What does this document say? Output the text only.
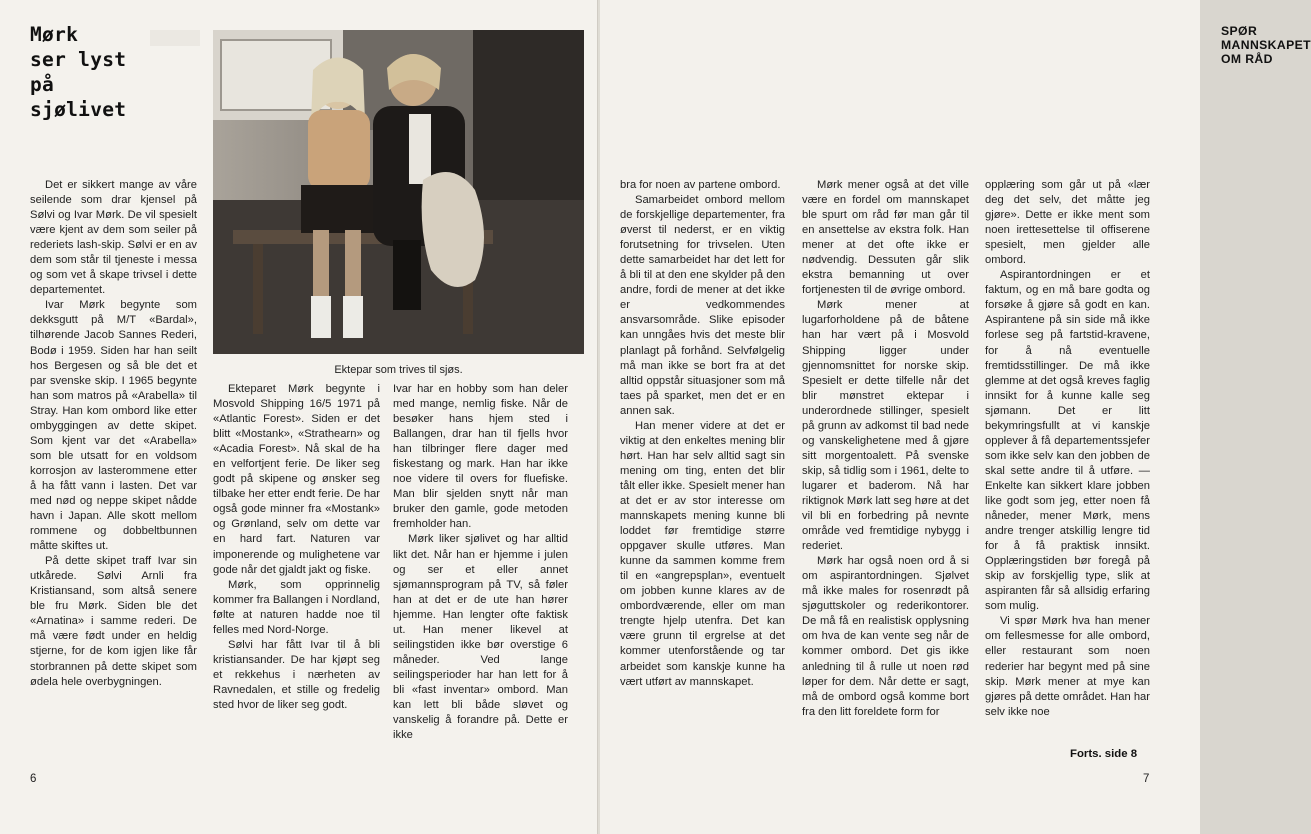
Mørk
ser lyst
på
sjølivet

Ektepar som trives til sjøs.

Det er sikkert mange av våre seilende som drar kjensel på Sølvi og Ivar Mørk. De vil spesielt være kjent av dem som seiler på rederiets lash-skip. Sølvi er en av dem som står til tjeneste i messa og som vet å skape trivsel i dette departementet.

Ivar Mørk begynte som dekksgutt på M/T «Bardal», tilhørende Jacob Sannes Rederi, Bodø i 1959. Siden har han seilt hos Bergesen og så ble det et par svenske skip. I 1965 begynte han som matros på «Arabella» til Stray. Han kom ombord like etter ombyggingen av dette skipet. Som kjent var det «Arabella» som ble utsatt for en voldsom korrosjon av lasterommene etter å ha fått vann i lasten. Det var med nød og neppe skipet nådde havn i Japan. Alle skott mellom rommene og dobbeltbunnen måtte skiftes ut.

På dette skipet traff Ivar sin utkårede. Sølvi Arnli fra Kristiansand, som altså senere ble fru Mørk. Siden ble det «Arnatina» i samme rederi. De må være født under en heldig stjerne, for de kom igjen like får storbrannen på dette skipet som ødela hele overbygningen.

Ekteparet Mørk begynte i Mosvold Shipping 16/5 1971 på «Atlantic Forest». Siden er det blitt «Mostank», «Strathearn» og «Acadia Forest». Nå skal de ha en velfortjent ferie. De liker seg godt på skipene og ønsker seg tilbake her etter endt ferie. De har også gode minner fra «Mostank» og Grønland, selv om dette var en hard fart. Naturen var imponerende og mulighetene var gode når det gjaldt jakt og fiske.

Mørk, som opprinnelig kommer fra Ballangen i Nordland, følte at naturen hadde noe til felles med Nord-Norge.

Sølvi har fått Ivar til å bli kristiansander. De har kjøpt seg et rekkehus i nærheten av Ravnedalen, et stille og fredelig sted hvor de liker seg godt.

Ivar har en hobby som han deler med mange, nemlig fiske. Når de besøker hans hjem sted i Ballangen, drar han til fjells hvor han tilbringer flere dager med fiskestang og mark. Han har ikke noe videre til overs for fluefiske. Man blir sjelden snytt når man bruker den gamle, gode metoden fremholder han.

Mørk liker sjølivet og har alltid likt det. Når han er hjemme i julen og ser et eller annet sjømannsprogram på TV, så føler han at det er de ute han hører hjemme. Han lengter ofte faktisk ut. Han mener likevel at seilingstiden ikke bør overstige 6 måneder. Ved lange seilingsperioder har han lett for å bli «fast inventar» ombord. Man kan lett bli både sløvet og vanskelig å forandre på. Dette er ikke

6
SPØR MANNSKAPET OM RÅD

bra for noen av partene ombord.

Samarbeidet ombord mellom de forskjellige departementer, fra øverst til nederst, er en viktig forutsetning for trivselen. Uten dette samarbeidet har det lett for å bli til at den ene skylder på den andre, fordi de mener at det ikke er vedkommendes ansvarsområde. Slike episoder kan unngåes hvis det meste blir planlagt på forhånd. Selvfølgelig må man ikke se bort fra at det alltid oppstår situasjoner som må taes på sparket, men det er en annen sak.

Han mener videre at det er viktig at den enkeltes mening blir hørt. Han har selv alltid sagt sin mening om ting, enten det blir tålt eller ikke. Spesielt mener han at det er av stor interesse om mannskapets mening kunne bli loddet før fremtidige større oppgaver skulle utføres. Man kunne da sammen komme frem til en «angrepsplan», eventuelt om jobben kunne klares av de ombordværende, eller om man trengte hjelp utenfra. Det kan være grunn til ergrelse at det kommer utenforstående og tar arbeidet som kanskje kunne ha vært utført av mannskapet.

Mørk mener også at det ville være en fordel om mannskapet ble spurt om råd før man går til en ansettelse av ekstra folk. Han mener at det ofte ikke er nødvendig. Dessuten går slik ekstra bemanning ut over fortjenesten til de øvrige ombord.

Mørk mener at lugarforholdene på de båtene han har vært på i Mosvold Shipping ligger under gjennomsnittet for norske skip. Spesielt er dette tilfelle når det blir mønstret ektepar i underordnede stillinger, spesielt på grunn av adkomst til bad nede og vanskelighetene med å gjøre sitt morgentoalett. På svenske skip, så tidlig som i 1961, delte to lugarer et baderom. Nå har riktignok Mørk latt seg høre at det vil bli en forbedring på nevnte område ved fremtidige nybygg i rederiet.

Mørk har også noen ord å si om aspirantordningen. Sjølvet må ikke males for rosenrødt på sjøguttskoler og rederikontorer. De må få en realistisk opplysning om hva de kan vente seg når de kommer ombord. Det gis ikke anledning til å rulle ut noen rød løper for dem. Når dette er sagt, må de ombord også komme bort fra den litt foreldete form for

opplæring som går ut på «lær deg det selv, det måtte jeg gjøre». Dette er ikke ment som noen irettesettelse til offiserene spesielt, men gjelder alle ombord.

Aspirantordningen er et faktum, og en må bare godta og forsøke å gjøre så godt en kan. Aspirantene på sin side må ikke forlese seg på fartstid-kravene, for å nå eventuelle fremtidsstillinger. De må ikke glemme at det også kreves faglig innsikt for å kunne kalle seg sjømann. Det er litt bekymringsfullt at vi kanskje opplever å få departementssjefer som ikke selv kan den jobben de skal sette andre til å utføre. — Enkelte kan sikkert klare jobben like godt som jeg, etter noen få nåneder, mener Mørk, mens andre trenger atskillig lengre tid for å få praktisk innsikt. Opplæringstiden bør foregå på skip av forskjellig type, slik at aspiranten får så allsidig erfaring som mulig.

Vi spør Mørk hva han mener om fellesmesse for alle ombord, eller restaurant som noen rederier har begynt med på sine skip. Mørk mener at mye kan gjøres på dette området. Han har selv ikke noe

Forts. side 8
7
